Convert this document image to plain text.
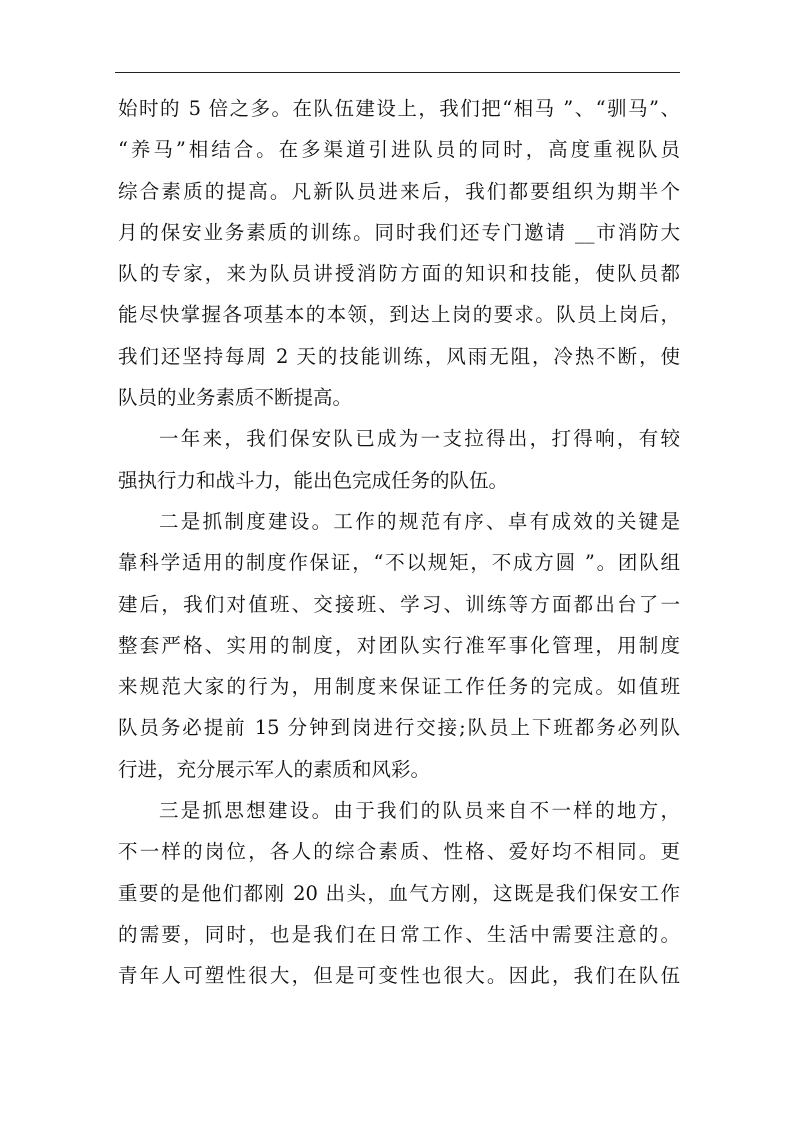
始时的 5 倍之多。在队伍建设上，我们把“相马 ”、“驯马”、
“养马”相结合。在多渠道引进队员的同时，高度重视队员
综合素质的提高。凡新队员进来后，我们都要组织为期半个
月的保安业务素质的训练。同时我们还专门邀请 __市消防大
队的专家，来为队员讲授消防方面的知识和技能，使队员都
能尽快掌握各项基本的本领，到达上岗的要求。队员上岗后，
我们还坚持每周 2 天的技能训练，风雨无阻，冷热不断，使
队员的业务素质不断提高。
一年来，我们保安队已成为一支拉得出，打得响，有较
强执行力和战斗力，能出色完成任务的队伍。
二是抓制度建设。工作的规范有序、卓有成效的关键是
靠科学适用的制度作保证，“不以规矩，不成方圆 ”。团队组
建后，我们对值班、交接班、学习、训练等方面都出台了一
整套严格、实用的制度，对团队实行准军事化管理，用制度
来规范大家的行为，用制度来保证工作任务的完成。如值班
队员务必提前 15 分钟到岗进行交接;队员上下班都务必列队
行进，充分展示军人的素质和风彩。
三是抓思想建设。由于我们的队员来自不一样的地方，
不一样的岗位，各人的综合素质、性格、爱好均不相同。更
重要的是他们都刚 20 出头，血气方刚，这既是我们保安工作
的需要，同时，也是我们在日常工作、生活中需要注意的。
青年人可塑性很大，但是可变性也很大。因此，我们在队伍
